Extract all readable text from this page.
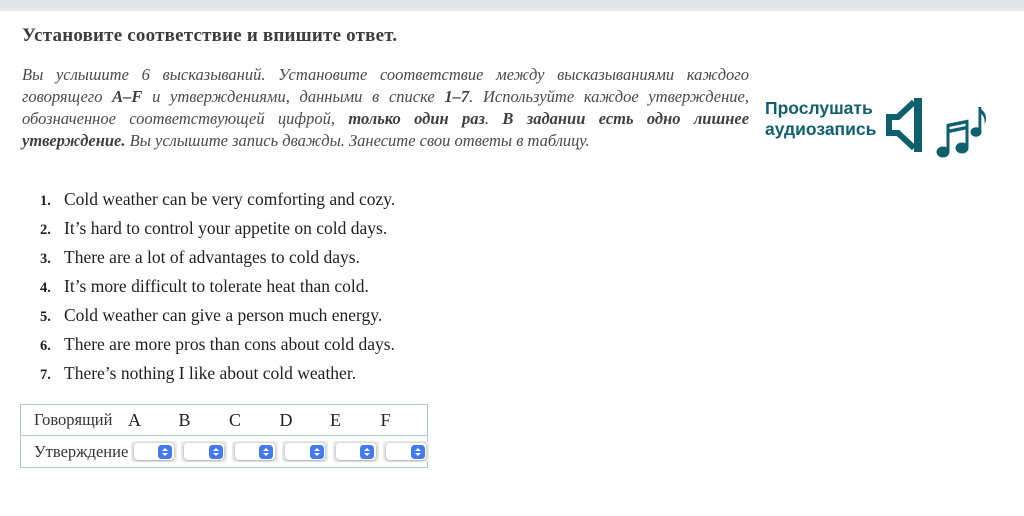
Установите соответствие и впишите ответ.

Вы услышите 6 высказываний. Установите соответствие между высказываниями каждого говорящего A–F и утверждениями, данными в списке 1–7. Используйте каждое утверждение, обозначенное соответствующей цифрой, только один раз. В задании есть одно лишнее утверждение. Вы услышите запись дважды. Занесите свои ответы в таблицу.

Прослушать
аудиозапись
1. Cold weather can be very comforting and cozy.
2. It’s hard to control your appetite on cold days.
3. There are a lot of advantages to cold days.
4. It’s more difficult to tolerate heat than cold.
5. Cold weather can give a person much energy.
6. There are more pros than cons about cold days.
7. There’s nothing I like about cold weather.
Говорящий A	B	C	D	E	F
Утверждение
